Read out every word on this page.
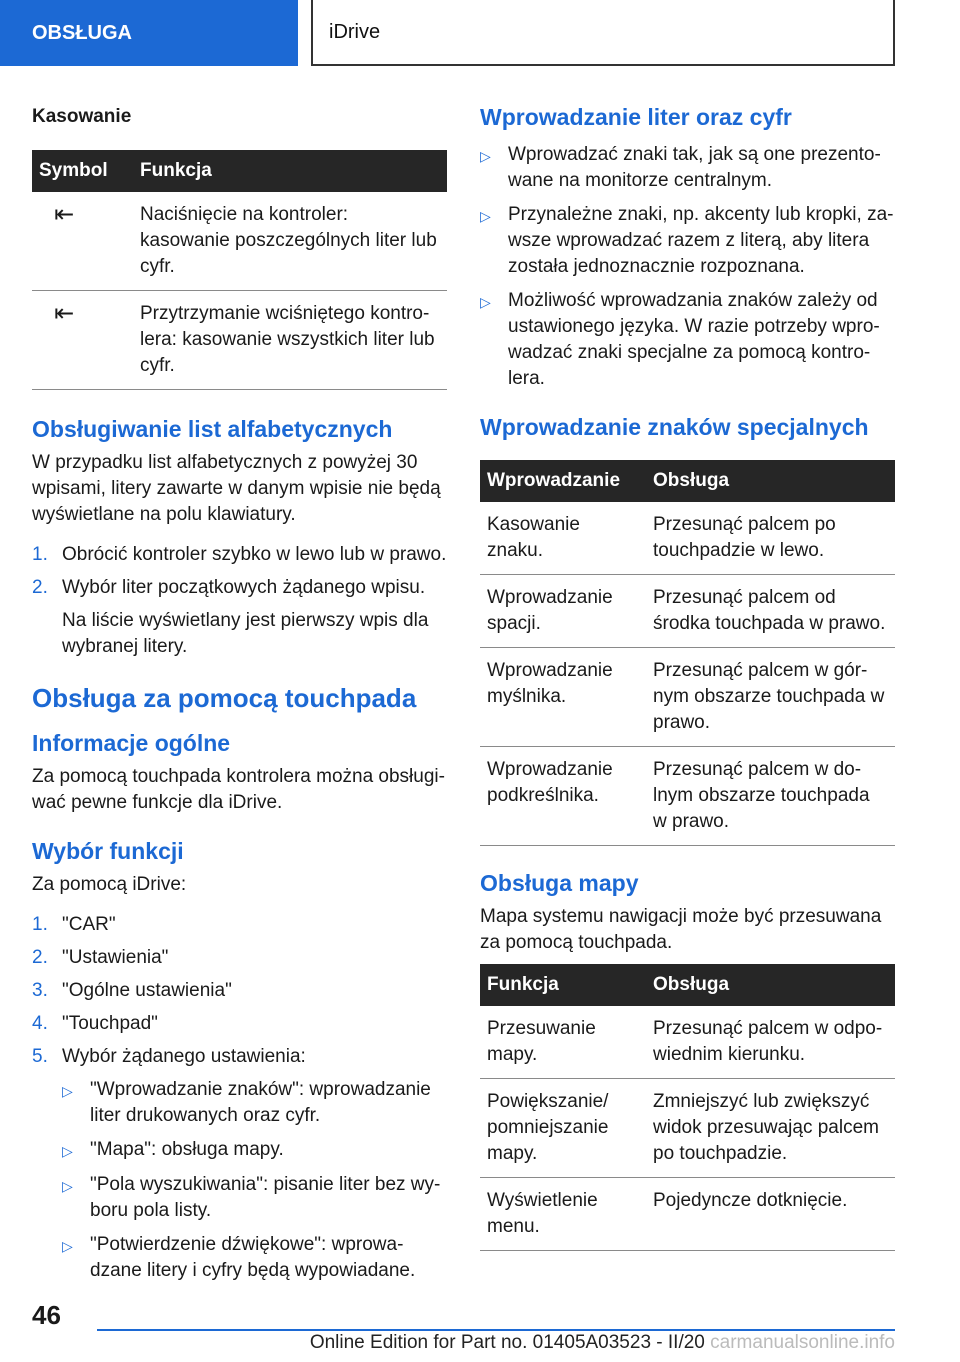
OBSŁUGA	iDrive

Kasowanie

Symbol	Funkcja
⇤	Naciśnięcie na kontroler: kasowanie poszczególnych liter lub cyfr.
⇤	Przytrzymanie wciśniętego kontrolera: kasowanie wszystkich liter lub cyfr.
Obsługiwanie list alfabetycznych

W przypadku list alfabetycznych z powyżej 30 wpisami, litery zawarte w danym wpisie nie będą wyświetlane na polu klawiatury.

1. Obrócić kontroler szybko w lewo lub w prawo.
2. Wybór liter początkowych żądanego wpisu.

Na liście wyświetlany jest pierwszy wpis dla wybranej litery.

Obsługa za pomocą touchpada
Informacje ogólne

Za pomocą touchpada kontrolera można obsługiwać pewne funkcje dla iDrive.

Wybór funkcji

Za pomocą iDrive:

1. "CAR"
2. "Ustawienia"
3. "Ogólne ustawienia"
4. "Touchpad"
5. Wybór żądanego ustawienia:
▷ "Wprowadzanie znaków": wprowadzanie liter drukowanych oraz cyfr.
▷ "Mapa": obsługa mapy.
▷ "Pola wyszukiwania": pisanie liter bez wyboru pola listy.
▷ "Potwierdzenie dźwiękowe": wprowadzane litery i cyfry będą wypowiadane.
Wprowadzanie liter oraz cyfr
▷ Wprowadzać znaki tak, jak są one prezentowane na monitorze centralnym.
▷ Przynależne znaki, np. akcenty lub kropki, zawsze wprowadzać razem z literą, aby litera została jednoznacznie rozpoznana.
▷ Możliwość wprowadzania znaków zależy od ustawionego języka. W razie potrzeby wprowadzać znaki specjalne za pomocą kontrolera.
Wprowadzanie znaków specjalnych
Wprowadzanie	Obsługa
Kasowanie znaku.	Przesunąć palcem po touchpadzie w lewo.
Wprowadzanie spacji.	Przesunąć palcem od środka touchpada w prawo.
Wprowadzanie myślnika.	Przesunąć palcem w górnym obszarze touchpada w prawo.
Wprowadzanie podkreślnika.	Przesunąć palcem w dolnym obszarze touchpada w prawo.
Obsługa mapy

Mapa systemu nawigacji może być przesuwana za pomocą touchpada.

Funkcja	Obsługa
Przesuwanie mapy.	Przesunąć palcem w odpowiednim kierunku.
Powiększanie/ pomniejszanie mapy.	Zmniejszyć lub zwiększyć widok przesuwając palcem po touchpadzie.
Wyświetlenie menu.	Pojedyncze dotknięcie.
46
Online Edition for Part no. 01405A03523 - II/20 carmanualsonline.info
